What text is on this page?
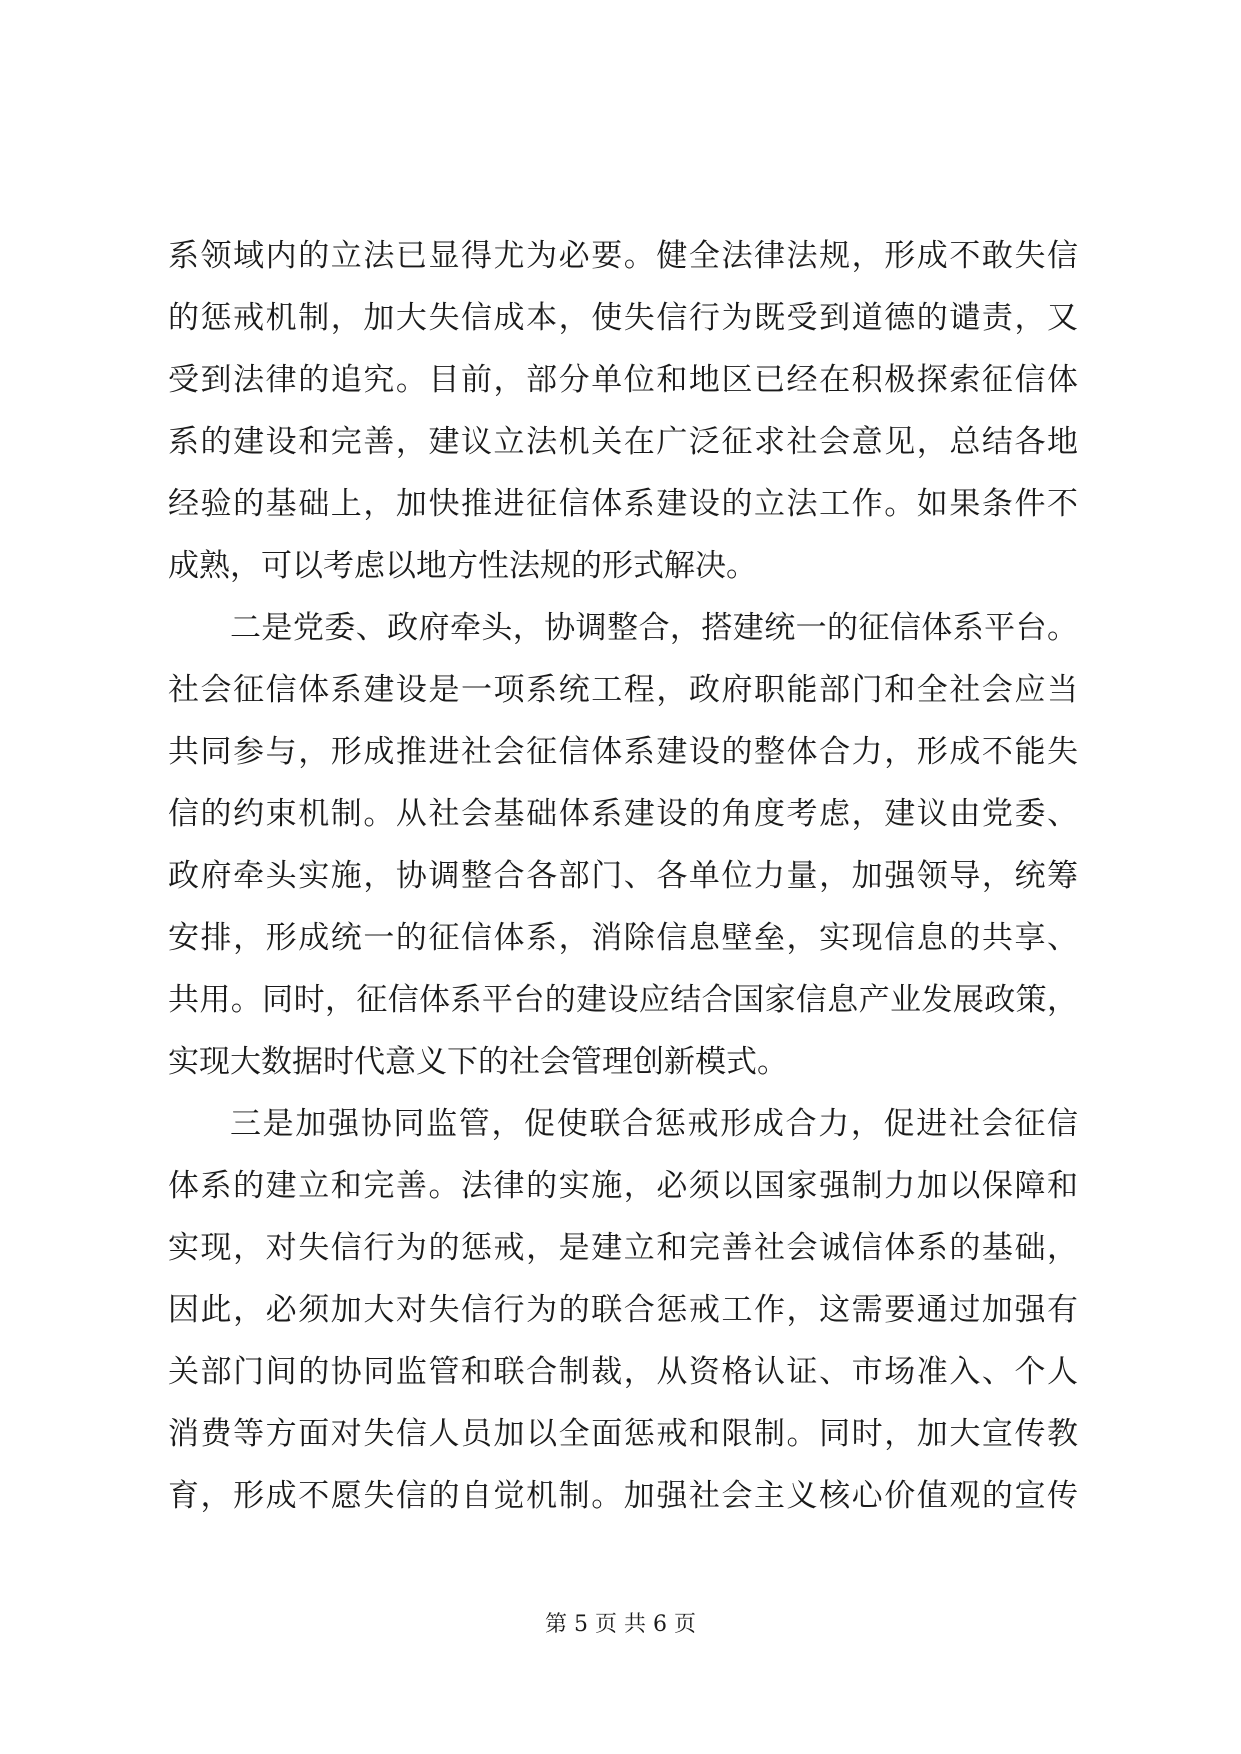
系领域内的立法已显得尤为必要。健全法律法规，形成不敢失信
的惩戒机制，加大失信成本，使失信行为既受到道德的谴责，又
受到法律的追究。目前，部分单位和地区已经在积极探索征信体
系的建设和完善，建议立法机关在广泛征求社会意见，总结各地
经验的基础上，加快推进征信体系建设的立法工作。如果条件不
成熟，可以考虑以地方性法规的形式解决。
二是党委、政府牵头，协调整合，搭建统一的征信体系平台。
社会征信体系建设是一项系统工程，政府职能部门和全社会应当
共同参与，形成推进社会征信体系建设的整体合力，形成不能失
信的约束机制。从社会基础体系建设的角度考虑，建议由党委、
政府牵头实施，协调整合各部门、各单位力量，加强领导，统筹
安排，形成统一的征信体系，消除信息壁垒，实现信息的共享、
共用。同时，征信体系平台的建设应结合国家信息产业发展政策，
实现大数据时代意义下的社会管理创新模式。
三是加强协同监管，促使联合惩戒形成合力，促进社会征信
体系的建立和完善。法律的实施，必须以国家强制力加以保障和
实现，对失信行为的惩戒，是建立和完善社会诚信体系的基础，
因此，必须加大对失信行为的联合惩戒工作，这需要通过加强有
关部门间的协同监管和联合制裁，从资格认证、市场准入、个人
消费等方面对失信人员加以全面惩戒和限制。同时，加大宣传教
育，形成不愿失信的自觉机制。加强社会主义核心价值观的宣传
第 5 页 共 6 页
